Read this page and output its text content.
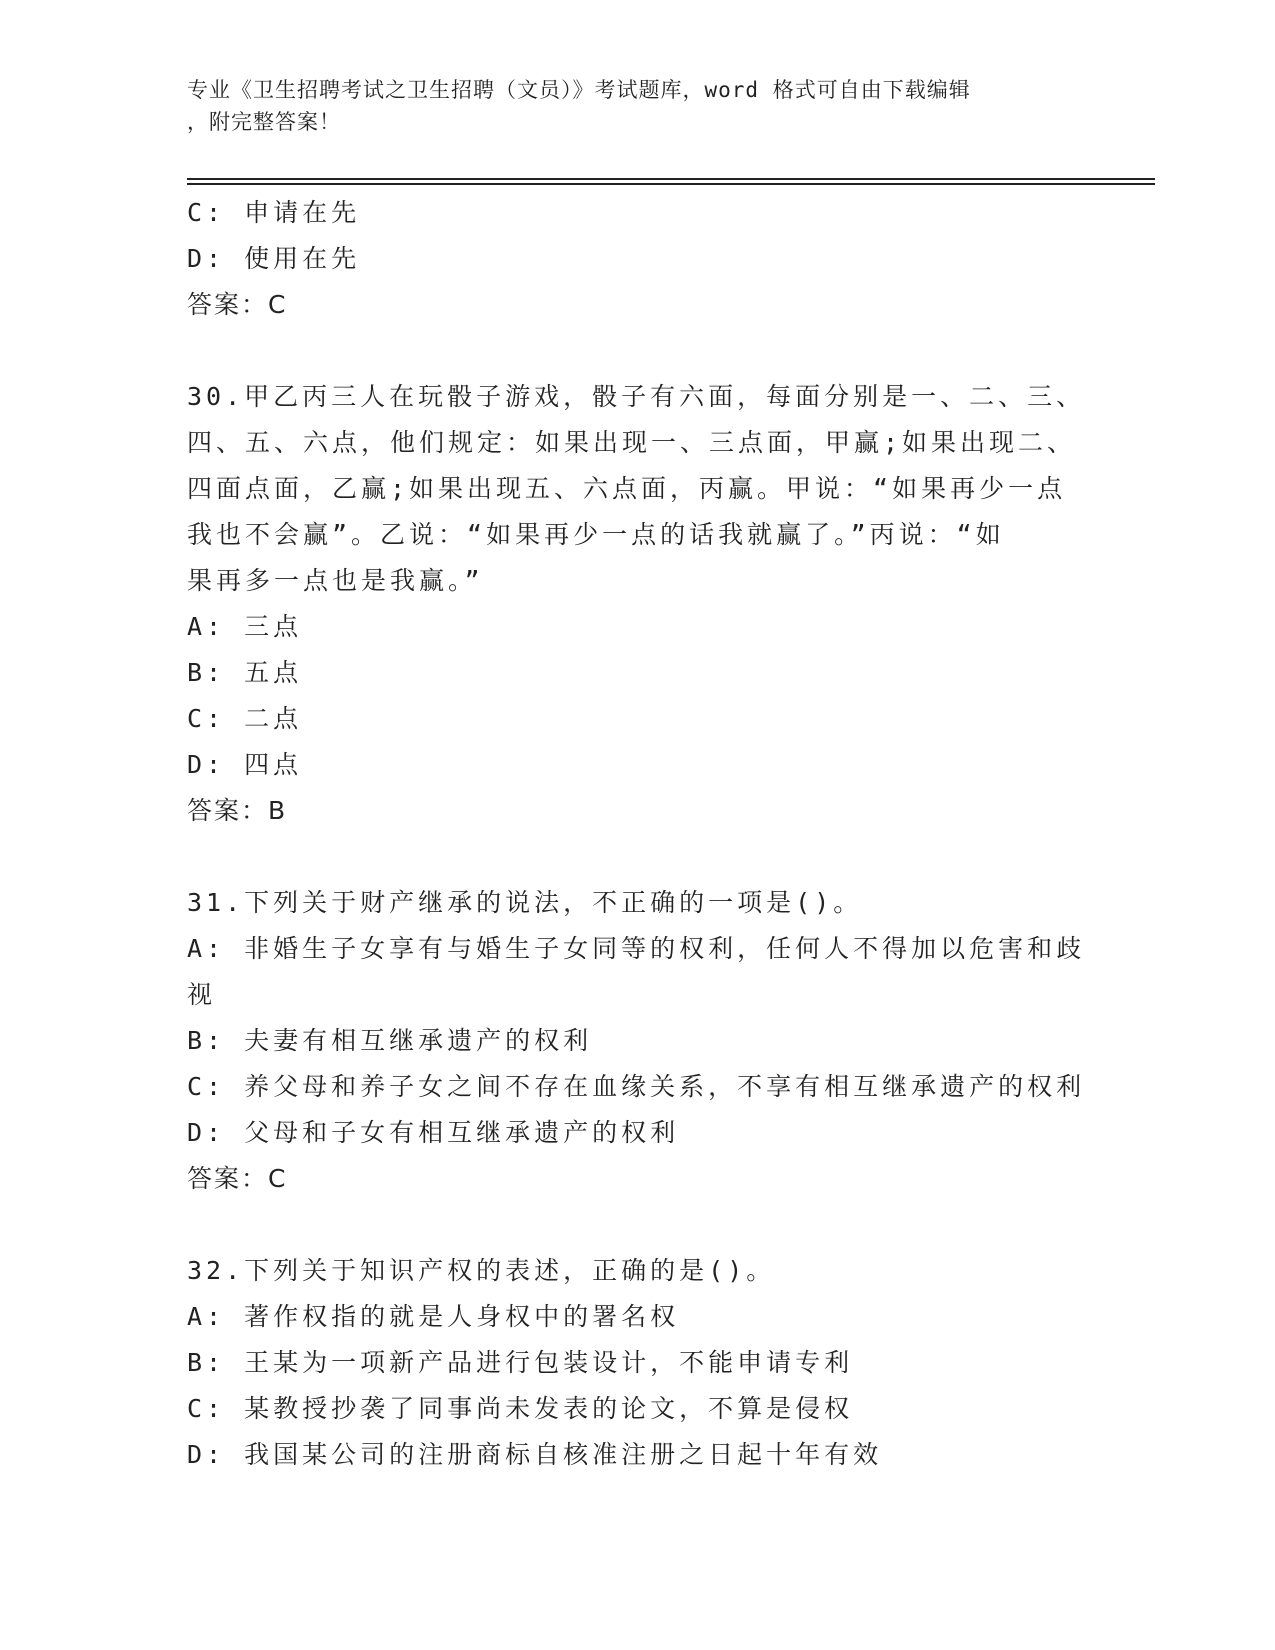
专业《卫生招聘考试之卫生招聘（文员）》考试题库，word 格式可自由下载编辑
，附完整答案！
C: 申请在先
D: 使用在先
答案：C
30.甲乙丙三人在玩骰子游戏，骰子有六面，每面分别是一、二、三、
四、五、六点，他们规定：如果出现一、三点面，甲赢;如果出现二、
四面点面，乙赢;如果出现五、六点面，丙赢。甲说：“如果再少一点
我也不会赢”。乙说：“如果再少一点的话我就赢了。”丙说：“如
果再多一点也是我赢。”
A: 三点
B: 五点
C: 二点
D: 四点
答案：B
31.下列关于财产继承的说法，不正确的一项是()。
A: 非婚生子女享有与婚生子女同等的权利，任何人不得加以危害和歧
视
B: 夫妻有相互继承遗产的权利
C: 养父母和养子女之间不存在血缘关系，不享有相互继承遗产的权利
D: 父母和子女有相互继承遗产的权利
答案：C
32.下列关于知识产权的表述，正确的是()。
A: 著作权指的就是人身权中的署名权
B: 王某为一项新产品进行包装设计，不能申请专利
C: 某教授抄袭了同事尚未发表的论文，不算是侵权
D: 我国某公司的注册商标自核准注册之日起十年有效
